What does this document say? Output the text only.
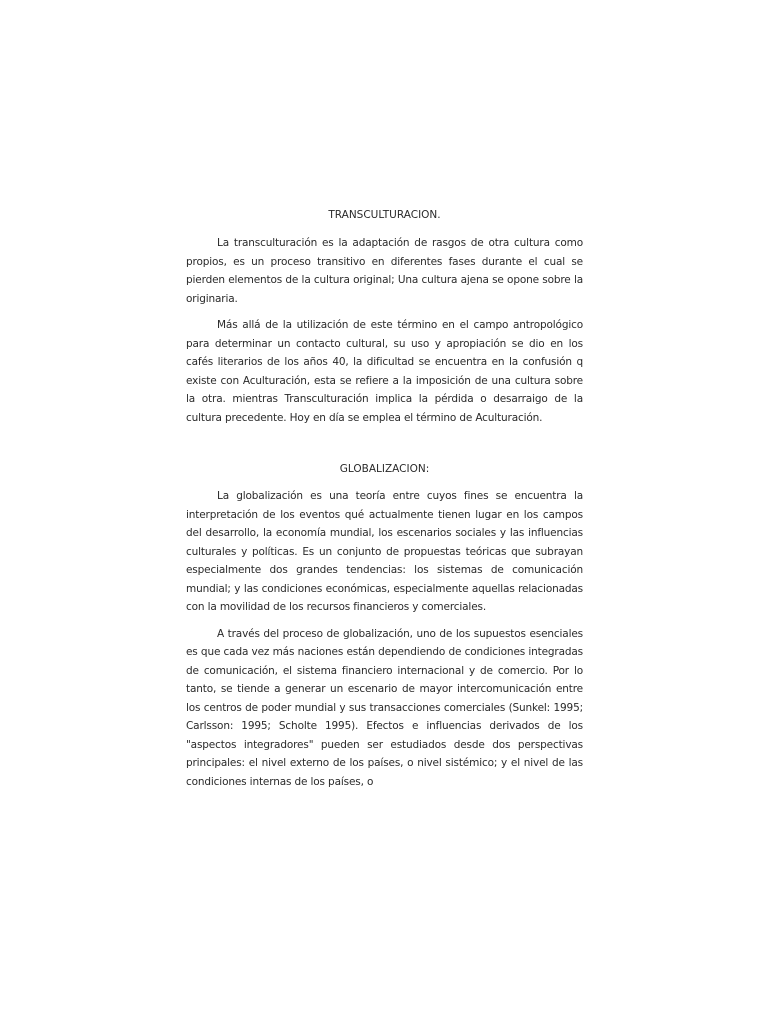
TRANSCULTURACION.

La transculturación es la adaptación de rasgos de otra cultura como propios, es un proceso transitivo en diferentes fases durante el cual se pierden elementos de la cultura original; Una cultura ajena se opone sobre la originaria.

Más allá de la utilización de este término en el campo antropológico para determinar un contacto cultural, su uso y apropiación se dio en los cafés literarios de los años 40, la dificultad se encuentra en la confusión q existe con Aculturación, esta se refiere a la imposición de una cultura sobre la otra. mientras Transculturación implica la pérdida o desarraigo de la cultura precedente. Hoy en día se emplea el término de Aculturación.

GLOBALIZACION:

La globalización es una teoría entre cuyos fines se encuentra la interpretación de los eventos qué actualmente tienen lugar en los campos del desarrollo, la economía mundial, los escenarios sociales y las influencias culturales y políticas. Es un conjunto de propuestas teóricas que subrayan especialmente dos grandes tendencias: los sistemas de comunicación mundial; y las condiciones económicas, especialmente aquellas relacionadas con la movilidad de los recursos financieros y comerciales.

A través del proceso de globalización, uno de los supuestos esenciales es que cada vez más naciones están dependiendo de condiciones integradas de comunicación, el sistema financiero internacional y de comercio. Por lo tanto, se tiende a generar un escenario de mayor intercomunicación entre los centros de poder mundial y sus transacciones comerciales (Sunkel: 1995; Carlsson: 1995; Scholte 1995). Efectos e influencias derivados de los "aspectos integradores" pueden ser estudiados desde dos perspectivas principales: el nivel externo de los países, o nivel sistémico; y el nivel de las condiciones internas de los países, o
